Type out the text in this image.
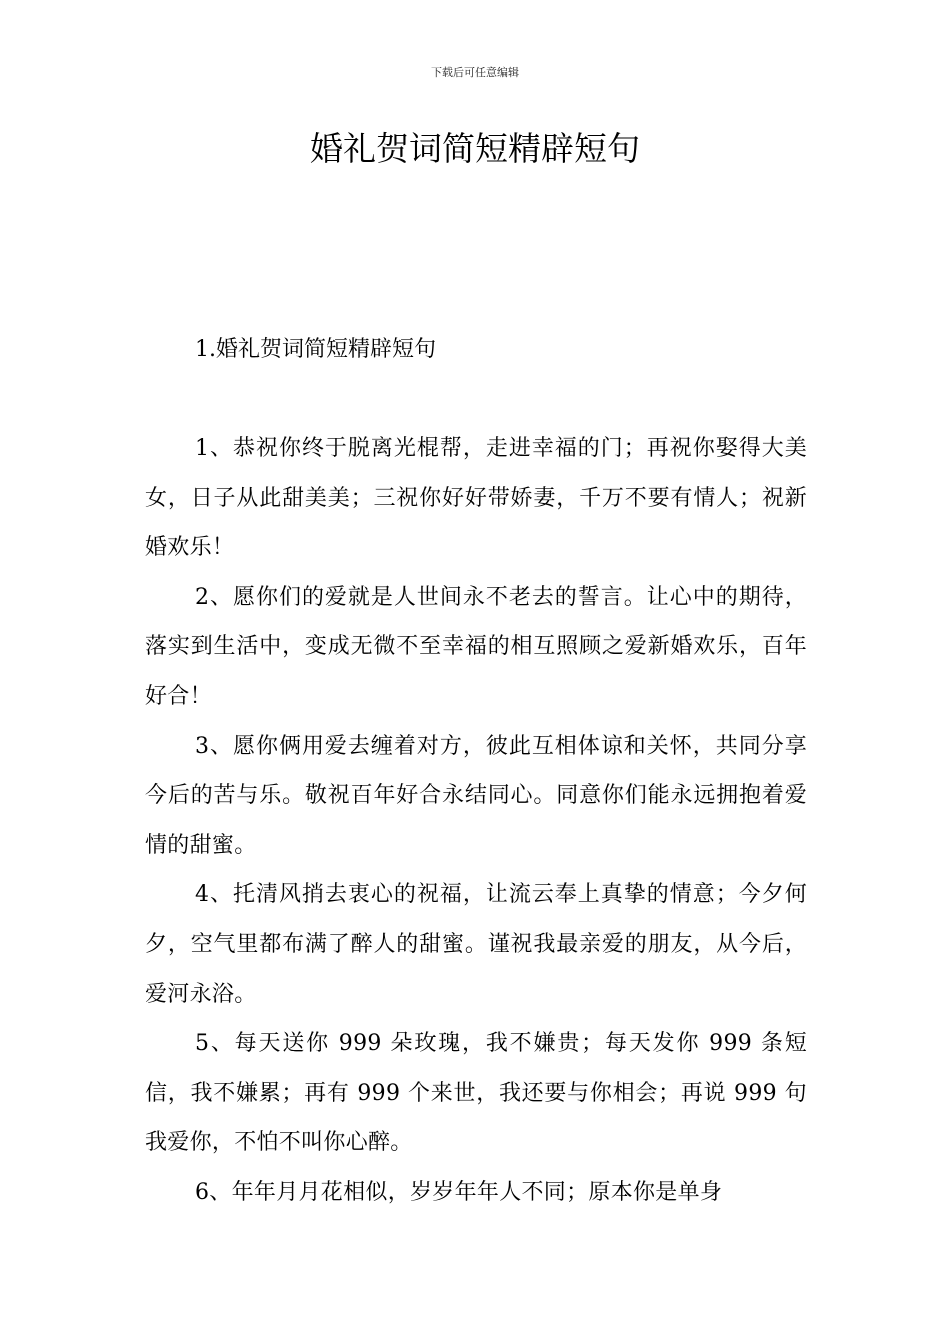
下载后可任意编辑
婚礼贺词简短精辟短句
1.婚礼贺词简短精辟短句

1、恭祝你终于脱离光棍帮，走进幸福的门；再祝你娶得大美女，日子从此甜美美；三祝你好好带娇妻，千万不要有情人；祝新婚欢乐！

2、愿你们的爱就是人世间永不老去的誓言。让心中的期待，落实到生活中，变成无微不至幸福的相互照顾之爱新婚欢乐，百年好合！

3、愿你俩用爱去缠着对方，彼此互相体谅和关怀，共同分享今后的苦与乐。敬祝百年好合永结同心。同意你们能永远拥抱着爱情的甜蜜。

4、托清风捎去衷心的祝福，让流云奉上真挚的情意；今夕何夕，空气里都布满了醉人的甜蜜。谨祝我最亲爱的朋友，从今后，爱河永浴。

5、每天送你 999 朵玫瑰，我不嫌贵；每天发你 999 条短信，我不嫌累；再有 999 个来世，我还要与你相会；再说 999 句我爱你，不怕不叫你心醉。

6、年年月月花相似，岁岁年年人不同；原本你是单身
